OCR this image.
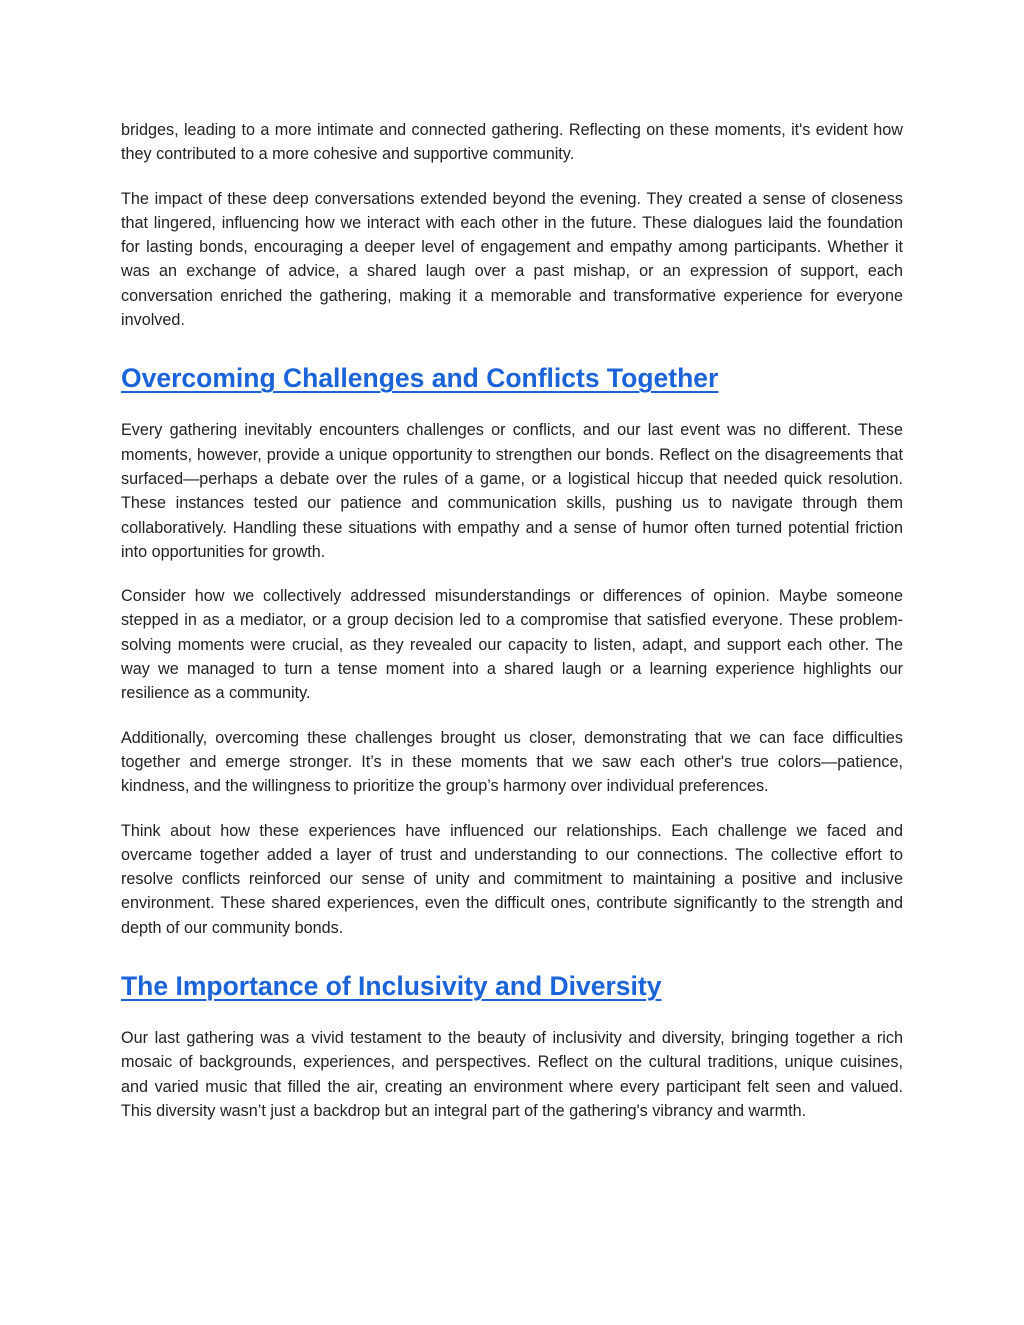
bridges, leading to a more intimate and connected gathering. Reflecting on these moments, it's evident how they contributed to a more cohesive and supportive community.

The impact of these deep conversations extended beyond the evening. They created a sense of closeness that lingered, influencing how we interact with each other in the future. These dialogues laid the foundation for lasting bonds, encouraging a deeper level of engagement and empathy among participants. Whether it was an exchange of advice, a shared laugh over a past mishap, or an expression of support, each conversation enriched the gathering, making it a memorable and transformative experience for everyone involved.

Overcoming Challenges and Conflicts Together

Every gathering inevitably encounters challenges or conflicts, and our last event was no different. These moments, however, provide a unique opportunity to strengthen our bonds. Reflect on the disagreements that surfaced—perhaps a debate over the rules of a game, or a logistical hiccup that needed quick resolution. These instances tested our patience and communication skills, pushing us to navigate through them collaboratively. Handling these situations with empathy and a sense of humor often turned potential friction into opportunities for growth.

Consider how we collectively addressed misunderstandings or differences of opinion. Maybe someone stepped in as a mediator, or a group decision led to a compromise that satisfied everyone. These problem-solving moments were crucial, as they revealed our capacity to listen, adapt, and support each other. The way we managed to turn a tense moment into a shared laugh or a learning experience highlights our resilience as a community.

Additionally, overcoming these challenges brought us closer, demonstrating that we can face difficulties together and emerge stronger. It’s in these moments that we saw each other's true colors—patience, kindness, and the willingness to prioritize the group’s harmony over individual preferences.

Think about how these experiences have influenced our relationships. Each challenge we faced and overcame together added a layer of trust and understanding to our connections. The collective effort to resolve conflicts reinforced our sense of unity and commitment to maintaining a positive and inclusive environment. These shared experiences, even the difficult ones, contribute significantly to the strength and depth of our community bonds.

The Importance of Inclusivity and Diversity

Our last gathering was a vivid testament to the beauty of inclusivity and diversity, bringing together a rich mosaic of backgrounds, experiences, and perspectives. Reflect on the cultural traditions, unique cuisines, and varied music that filled the air, creating an environment where every participant felt seen and valued. This diversity wasn’t just a backdrop but an integral part of the gathering's vibrancy and warmth.
